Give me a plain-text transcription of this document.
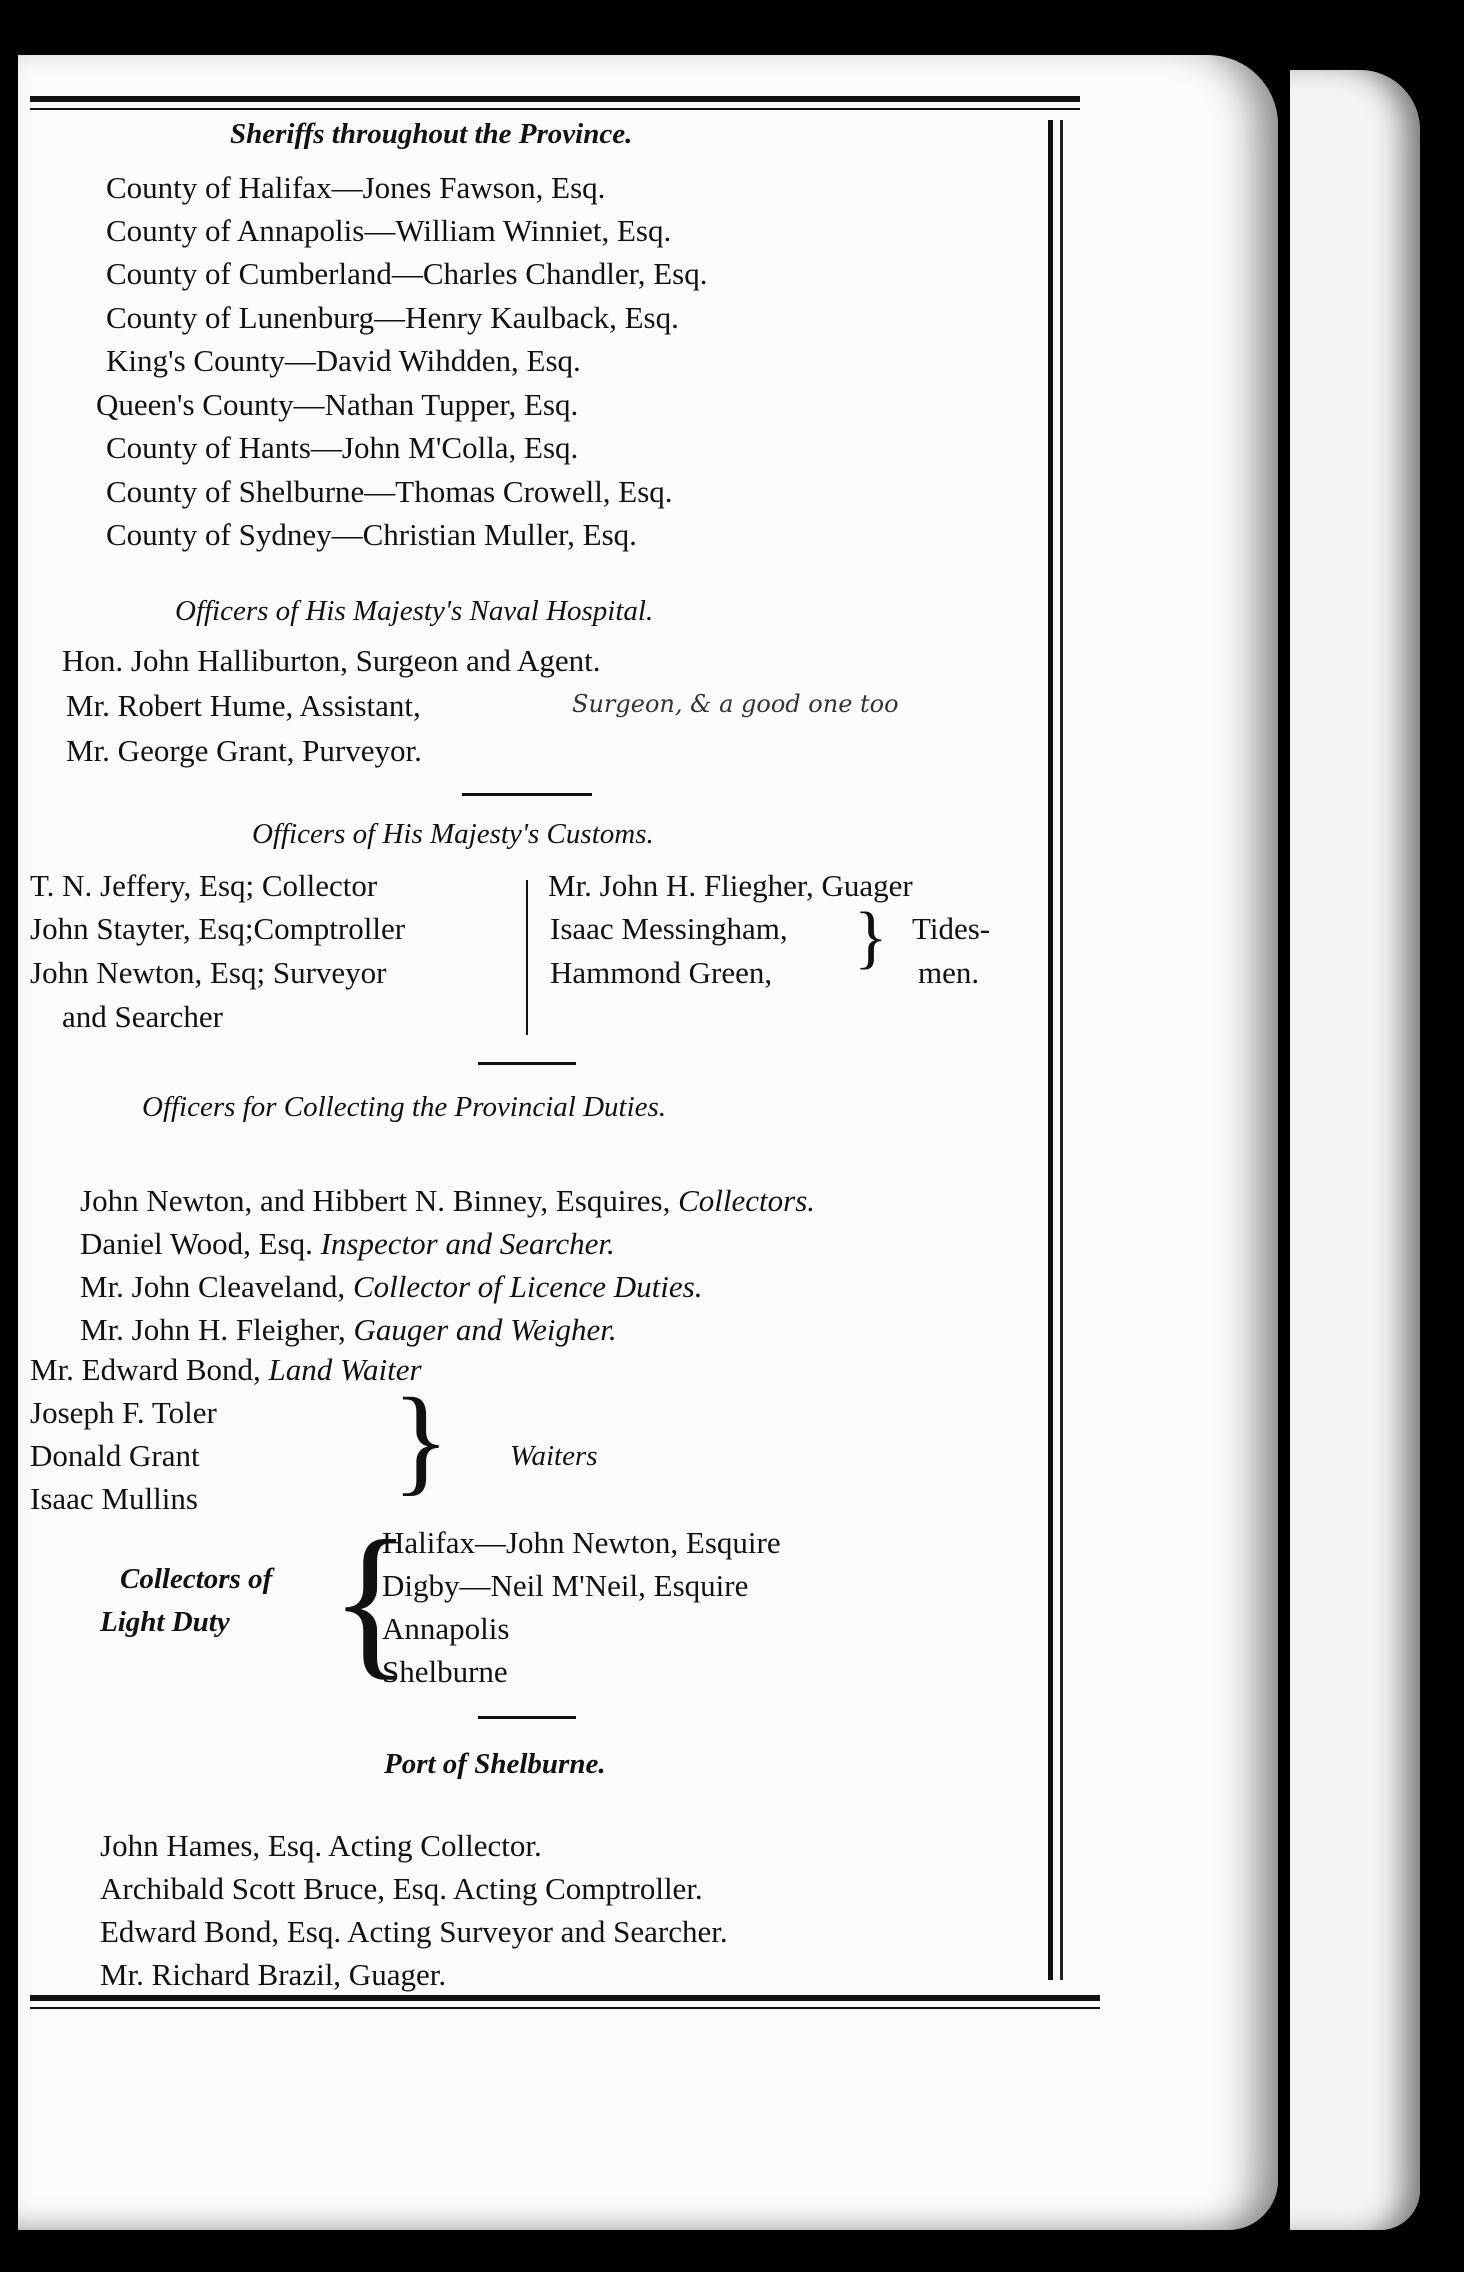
Sheriffs throughout the Province.
County of Halifax—Jones Fawson, Esq.
County of Annapolis—William Winniet, Esq.
County of Cumberland—Charles Chandler, Esq.
County of Lunenburg—Henry Kaulback, Esq.
King's County—David Wihdden, Esq.
Queen's County—Nathan Tupper, Esq.
County of Hants—John M'Colla, Esq.
County of Shelburne—Thomas Crowell, Esq.
County of Sydney—Christian Muller, Esq.
Officers of His Majesty's Naval Hospital.
Hon. John Halliburton, Surgeon and Agent.
Mr. Robert Hume, Assistant,	Surgeon, & a good one too
Mr. George Grant, Purveyor.
Officers of His Majesty's Customs.
T. N. Jeffery, Esq; Collector
John Stayter, Esq;Comptroller
John Newton, Esq; Surveyor
and Searcher
Mr. John H. Fliegher, Guager
Isaac Messingham,
Hammond Green, } Tides-
men.
Officers for Collecting the Provincial Duties.
John Newton, and Hibbert N. Binney, Esquires, Collectors.
Daniel Wood, Esq. Inspector and Searcher.
Mr. John Cleaveland, Collector of Licence Duties.
Mr. John H. Fleigher, Gauger and Weigher.
Mr. Edward Bond, Land Waiter
Joseph F. Toler
Donald Grant
Isaac Mullins } Waiters
Collectors of
Light Duty {
Halifax—John Newton, Esquire
Digby—Neil M'Neil, Esquire
Annapolis
Shelburne
Port of Shelburne.
John Hames, Esq. Acting Collector.
Archibald Scott Bruce, Esq. Acting Comptroller.
Edward Bond, Esq. Acting Surveyor and Searcher.
Mr. Richard Brazil, Guager.
